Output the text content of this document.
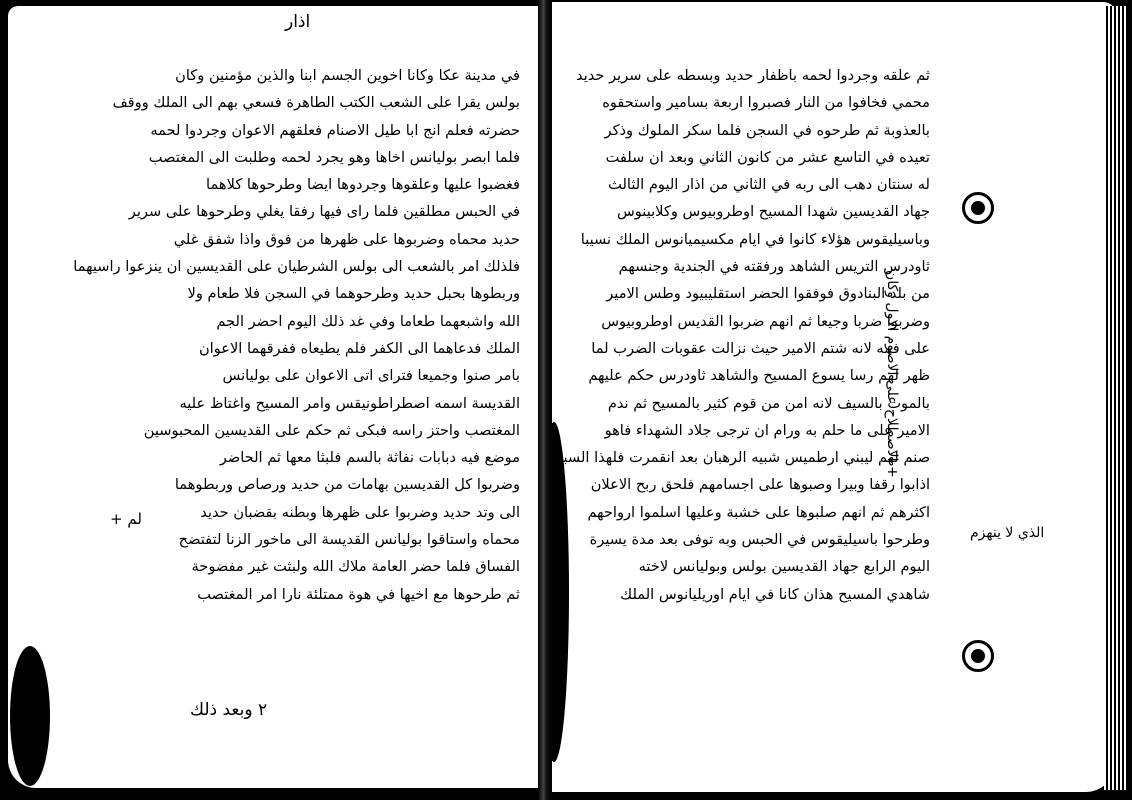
اذار
في مدينة عكا وكانا اخوين الجسم ابنا والذين مؤمنين وكان
بولس يقرا على الشعب الكتب الطاهرة فسعي بهم الى الملك ووقف
حضرته فعلم انج ابا طيل الاصنام فعلقهم الاعوان وجردوا لحمه
فلما ابصر بوليانس اخاها وهو يجرد لحمه وطلبت الى المغتصب
فغضبوا عليها وعلقوها وجردوها ايضا وطرحوها كلاهما
في الحبس مطلقين فلما راى فيها رفقا يغلي وطرحوها على سرير
حديد محماه وضربوها على ظهرها من فوق واذا شفق غلي
فلذلك امر بالشعب الى بولس الشرطيان على القديسين ان ينزعوا راسيهما
وربطوها بحبل حديد وطرحوهما في السجن فلا طعام ولا
الله واشبعهما طعاما وفي غد ذلك اليوم احضر الجم
الملك فدعاهما الى الكفر فلم يطيعاه ففرقهما الاعوان
بامر صنوا وجميعا فتراى اتى الاعوان على بوليانس
القديسة اسمه اصطراطونيقس وامر المسيح واغتاظ عليه
المغتصب واحتز راسه فبكى ثم حكم على القديسين المحبوسين
موضع فيه دبابات نفاثة بالسم فلبثا معها ثم الحاضر
وضربوا كل القديسين بهامات من حديد ورصاص وربطوهما
الى وتد حديد وضربوا على ظهرها وبطنه بقضبان حديد
محماه واستاقوا بوليانس القديسة الى ماخور الزنا لتفتضح
الفساق فلما حضر العامة ملاك الله ولبثت غير مفضوحة
ثم طرحوها مع اخيها في هوة ممتلئة نارا امر المغتصب
ثم علقه وجردوا لحمه باظفار حديد وبسطه على سرير حديد
محمي فخافوا من النار فصبروا اربعة بسامير واستحقوه
بالعذوبة ثم طرحوه في السجن فلما سكر الملوك وذكر
تعيده في التاسع عشر من كانون الثاني وبعد ان سلفت
له سنتان دهب الى ربه في الثاني من اذار اليوم الثالث
جهاد القديسين شهدا المسيح اوطروبيوس وكلابينوس
وباسيليقوس هؤلاء كانوا في ايام مكسيميانوس الملك نسيبا
ثاودرس التريس الشاهد ورفقته في الجندية وجنسهم
من بلد البنادوق فوفقوا الحضر استقليبيود وطس الامير
وضربوا ضربا وجيعا ثم انهم ضربوا القديس اوطروبيوس
على فمه لانه شتم الامير حيث نزالت عقوبات الضرب لما
ظهر لهم رسا يسوع المسيح والشاهد ثاودرس حكم عليهم
بالموت بالسيف لانه امن من قوم كثير بالمسيح ثم ندم
الامير على ما حلم به ورام ان ترجى جلاد الشهداء فاهو
صنم لهم ليبني ارطميس شبيه الرهبان بعد انقمرت فلهذا السبب
اذابوا رقفا وبيرا وصبوها على اجسامهم فلحق ربح الاعلان
اكثرهم ثم انهم صلبوها على خشبة وعليها اسلموا ارواحهم
وطرحوا باسيليقوس في الحبس وبه توفى بعد مدة يسيرة
اليوم الرابع جهاد القديسين بولس وبوليانس لاخته
شاهدي المسيح هذان كانا في ايام اوريليانوس الملك
٢ وبعد ذلك
+ الاصطلاح على الاصوم الاول وكان
الذي لا ينهزم
+ لم
